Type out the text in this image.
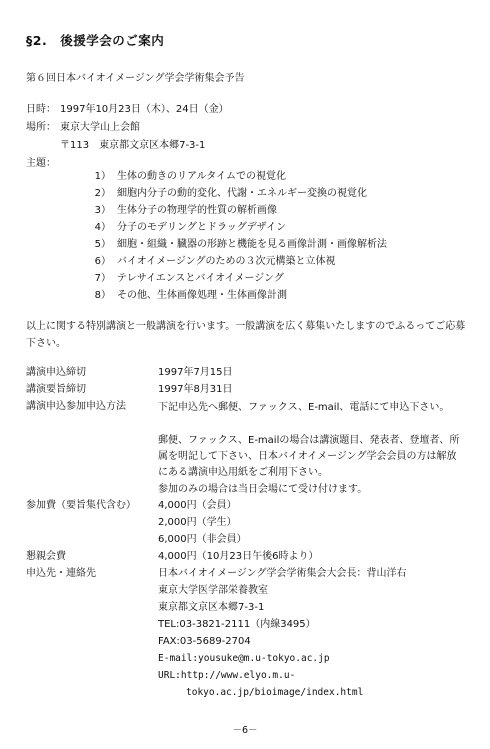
§2.　後援学会のご案内
第６回日本バイオイメージング学会学術集会予告
日時： 1997年10月23日（木）、24日（金）
場所： 東京大学山上会館
〒113　東京都文京区本郷7-3-1
主題：
1） 生体の動きのリアルタイムでの視覚化
2） 細胞内分子の動的変化、代謝・エネルギー変換の視覚化
3） 生体分子の物理学的性質の解析画像
4） 分子のモデリングとドラッグデザイン
5） 細胞・組織・臓器の形跡と機能を見る画像計測・画像解析法
6） バイオイメージングのための３次元構築と立体視
7） テレサイエンスとバイオイメージング
8） その他、生体画像処理・生体画像計測
以上に関する特別講演と一般講演を行います。一般講演を広く募集いたしますのでふるってご応募下さい。
講演申込締切	1997年7月15日
講演要旨締切	1997年8月31日
講演申込参加申込方法	下記申込先へ郵便、ファックス、E-mail、電話にて申込下さい。
郵便、ファックス、E-mailの場合は講演題目、発表者、登壇者、所属を明記して下さい、日本バイオイメージング学会会員の方は解放にある講演申込用紙をご利用下さい。
参加のみの場合は当日会場にて受け付けます。
参加費（要旨集代含む） 4,000円（会員）
2,000円（学生）
6,000円（非会員）
懇親会費	4,000円（10月23日午後6時より）
申込先・連絡先	日本バイオイメージング学会学術集会大会長：背山洋右
東京大学医学部栄養教室
東京都文京区本郷7-3-1
TEL:03-3821-2111（内線3495）
FAX:03-5689-2704
E-mail:yousuke@m.u-tokyo.ac.jp
URL:http://www.elyo.m.u-
tokyo.ac.jp/bioimage/index.html
－6－
